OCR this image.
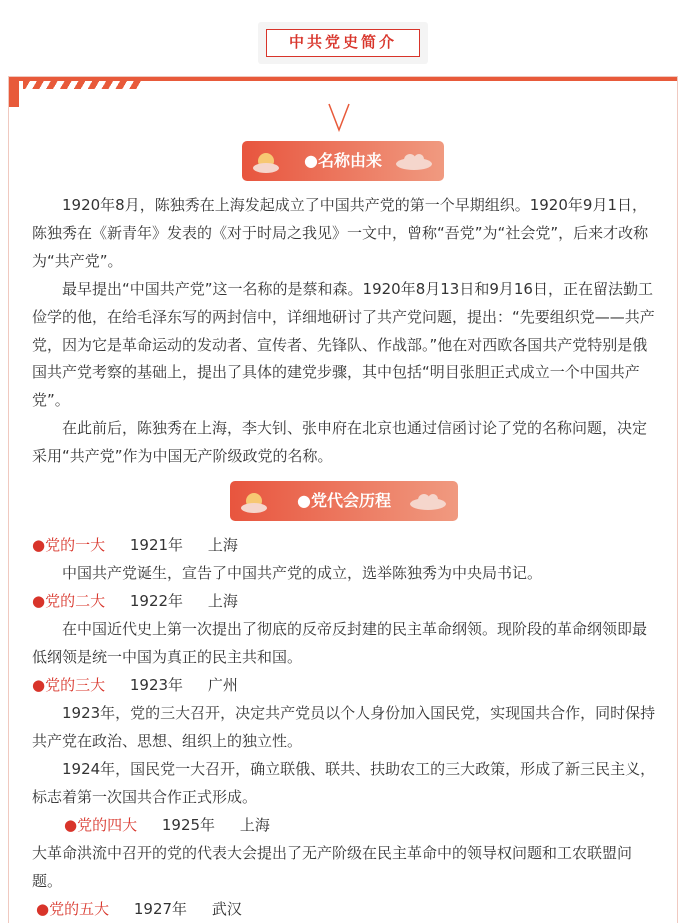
中共党史简介
●名称由来
1920年8月，陈独秀在上海发起成立了中国共产党的第一个早期组织。1920年9月1日，陈独秀在《新青年》发表的《对于时局之我见》一文中，曾称“吾党”为“社会党”，后来才改称为“共产党”。
最早提出“中国共产党”这一名称的是蔡和森。1920年8月13日和9月16日，正在留法勤工俭学的他，在给毛泽东写的两封信中，详细地研讨了共产党问题，提出：“先要组织党——共产党，因为它是革命运动的发动者、宣传者、先锋队、作战部。”他在对西欧各国共产党特别是俄国共产党考察的基础上，提出了具体的建党步骤，其中包括“明目张胆正式成立一个中国共产党”。
在此前后，陈独秀在上海，李大钊、张申府在北京也通过信函讨论了党的名称问题，决定采用“共产党”作为中国无产阶级政党的名称。
●党代会历程
●党的一大 1921年 上海
中国共产党诞生，宣告了中国共产党的成立，选举陈独秀为中央局书记。
●党的二大 1922年 上海
在中国近代史上第一次提出了彻底的反帝反封建的民主革命纲领。现阶段的革命纲领即最低纲领是统一中国为真正的民主共和国。
●党的三大 1923年 广州
1923年，党的三大召开，决定共产党员以个人身份加入国民党，实现国共合作，同时保持共产党在政治、思想、组织上的独立性。
1924年，国民党一大召开，确立联俄、联共、扶助农工的三大政策，形成了新三民主义，标志着第一次国共合作正式形成。
●党的四大 1925年 上海
大革命洪流中召开的党的代表大会提出了无产阶级在民主革命中的领导权问题和工农联盟问题。
●党的五大 1927年 武汉
